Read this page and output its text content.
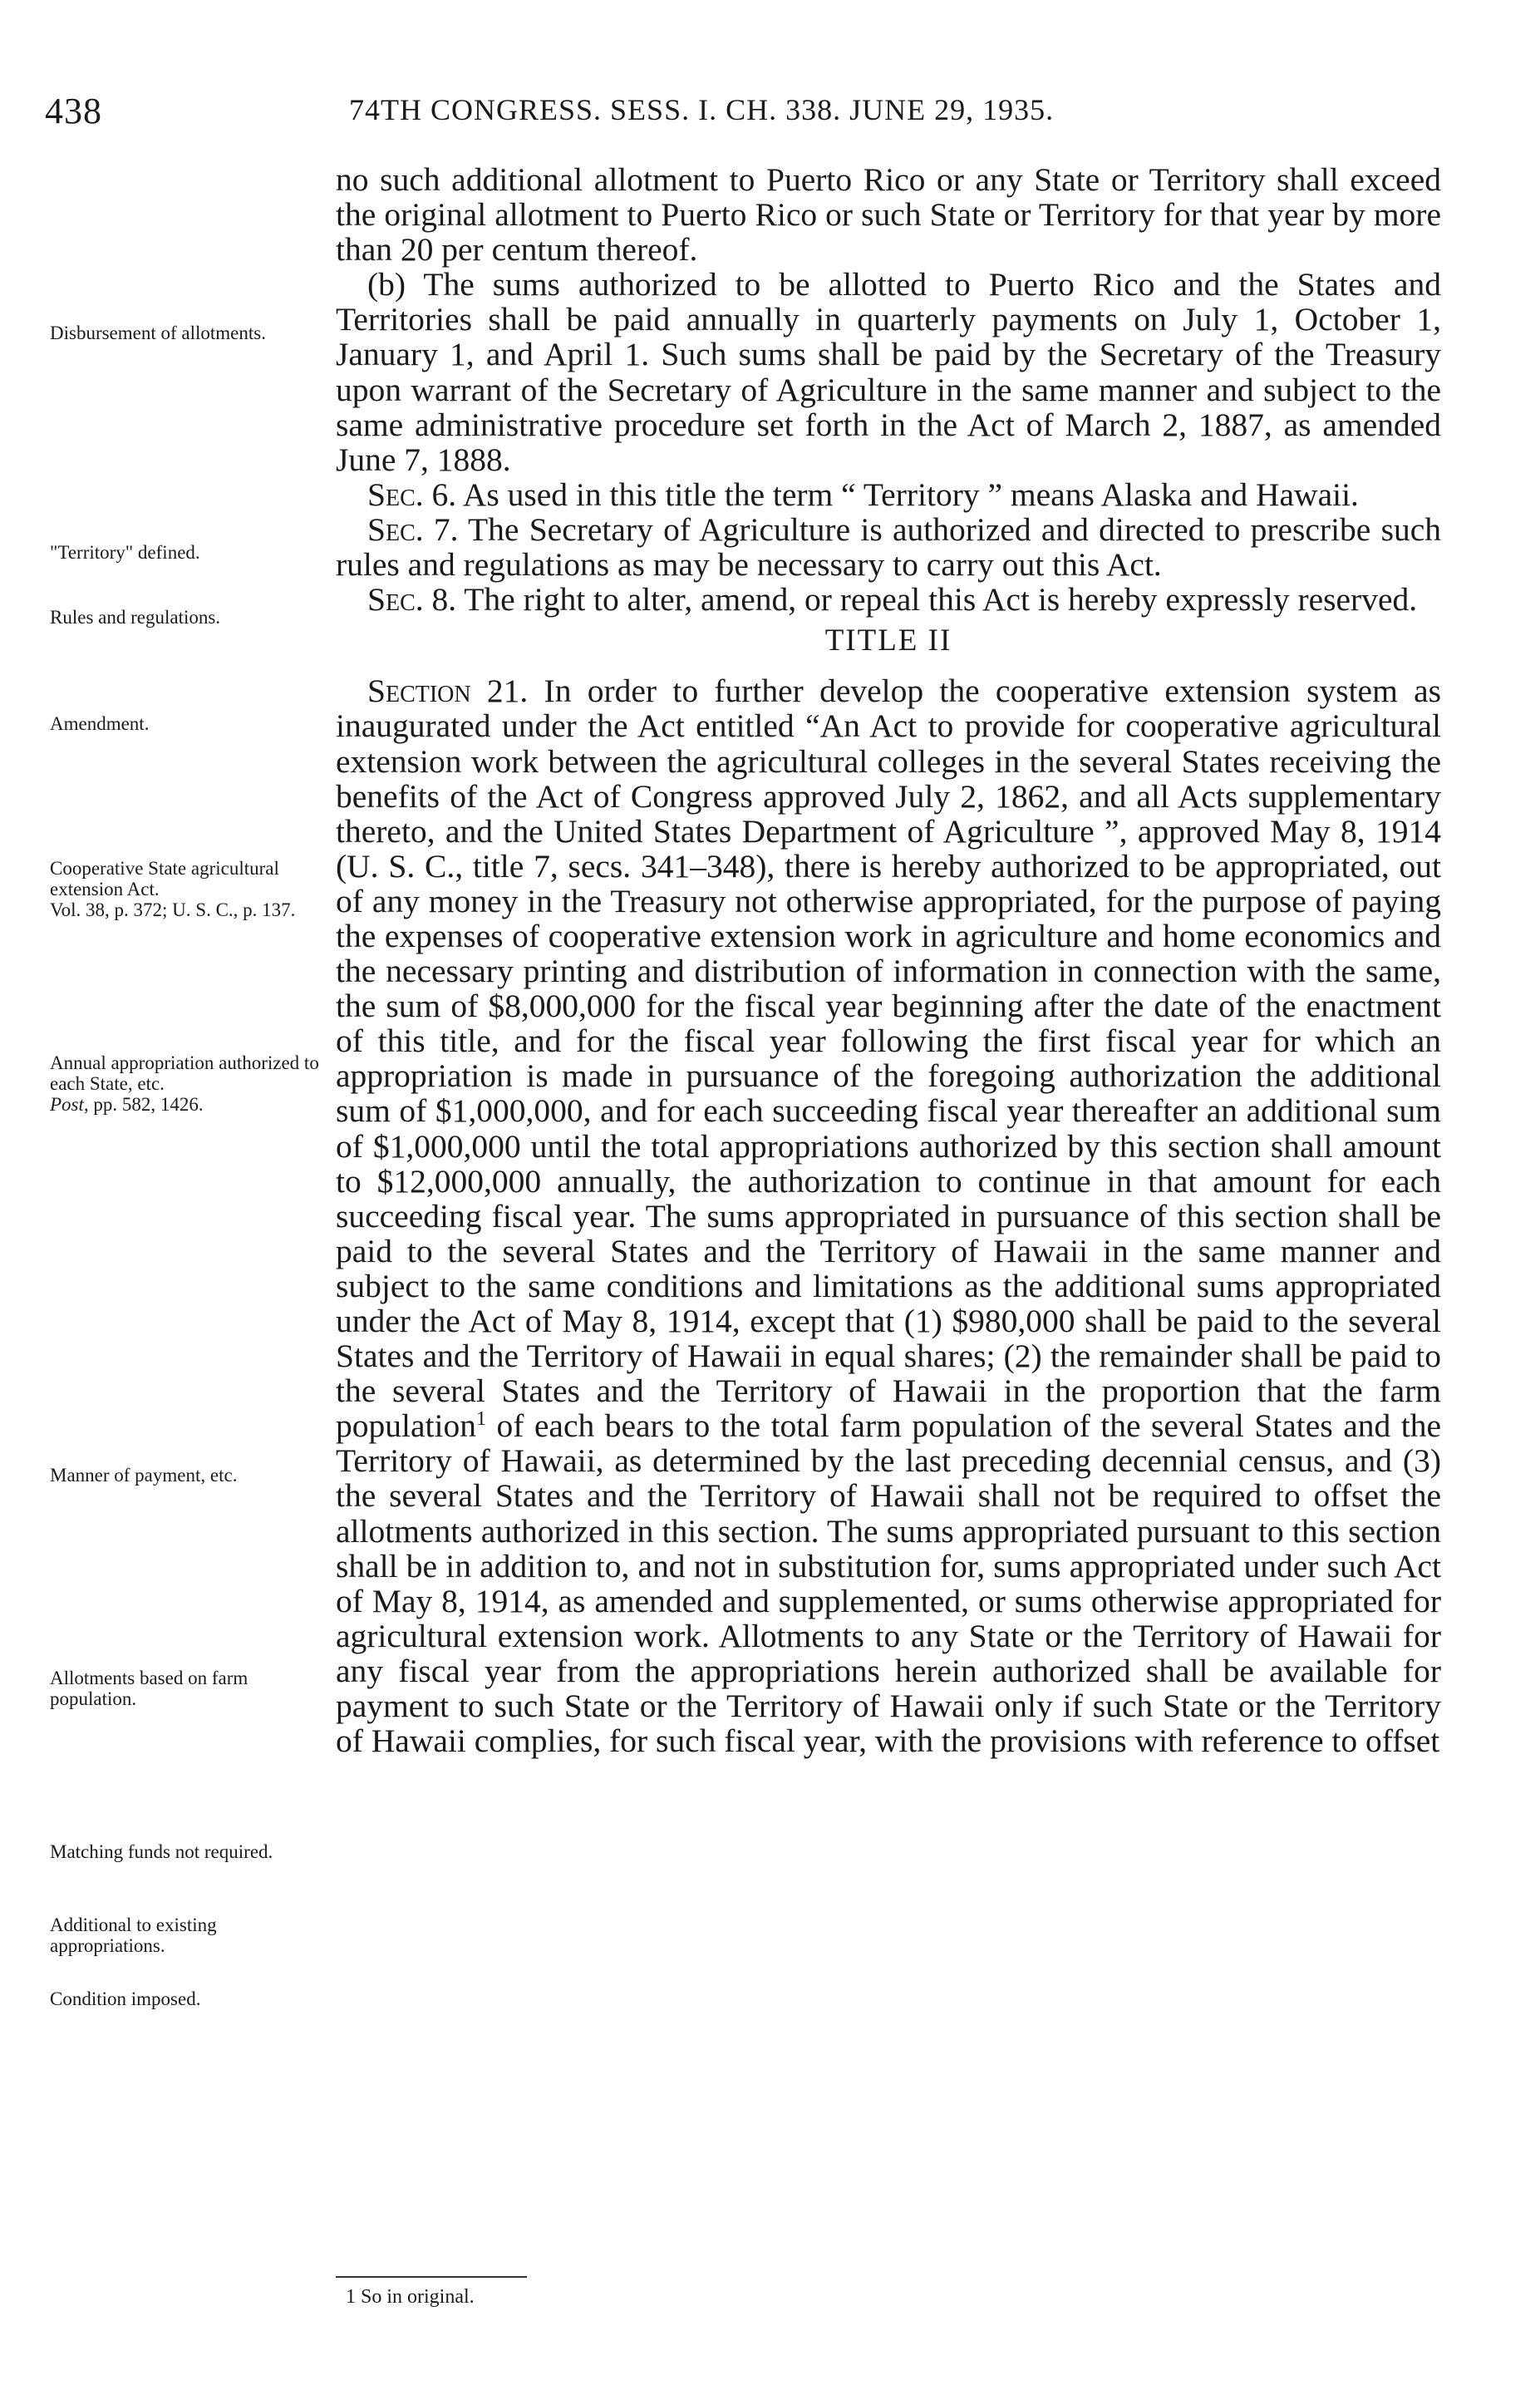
438	74TH CONGRESS. SESS. I. CH. 338. JUNE 29, 1935.
Disbursement of allotments.
"Territory" defined.
Rules and regulations.
Amendment.
Cooperative State agricultural extension Act.
Vol. 38, p. 372; U. S. C., p. 137.
Annual appropriation authorized to each State, etc.
Post, pp. 582, 1426.
Manner of payment, etc.
Allotments based on farm population.
Matching funds not required.
Additional to existing appropriations.
Condition imposed.

no such additional allotment to Puerto Rico or any State or Territory shall exceed the original allotment to Puerto Rico or such State or Territory for that year by more than 20 per centum thereof.

(b) The sums authorized to be allotted to Puerto Rico and the States and Territories shall be paid annually in quarterly payments on July 1, October 1, January 1, and April 1. Such sums shall be paid by the Secretary of the Treasury upon warrant of the Secretary of Agriculture in the same manner and subject to the same administrative procedure set forth in the Act of March 2, 1887, as amended June 7, 1888.

Sec. 6. As used in this title the term “ Territory ” means Alaska and Hawaii.

Sec. 7. The Secretary of Agriculture is authorized and directed to prescribe such rules and regulations as may be necessary to carry out this Act.

Sec. 8. The right to alter, amend, or repeal this Act is hereby expressly reserved.

TITLE II

Section 21. In order to further develop the cooperative extension system as inaugurated under the Act entitled “An Act to provide for cooperative agricultural extension work between the agricultural colleges in the several States receiving the benefits of the Act of Congress approved July 2, 1862, and all Acts supplementary thereto, and the United States Department of Agriculture ”, approved May 8, 1914 (U. S. C., title 7, secs. 341–348), there is hereby authorized to be appropriated, out of any money in the Treasury not otherwise appropriated, for the purpose of paying the expenses of cooperative extension work in agriculture and home economics and the necessary printing and distribution of information in connection with the same, the sum of $8,000,000 for the fiscal year beginning after the date of the enactment of this title, and for the fiscal year following the first fiscal year for which an appropriation is made in pursuance of the foregoing authorization the additional sum of $1,000,000, and for each succeeding fiscal year thereafter an additional sum of $1,000,000 until the total appropriations authorized by this section shall amount to $12,000,000 annually, the authorization to continue in that amount for each succeeding fiscal year. The sums appropriated in pursuance of this section shall be paid to the several States and the Territory of Hawaii in the same manner and subject to the same conditions and limitations as the additional sums appropriated under the Act of May 8, 1914, except that (1) $980,000 shall be paid to the several States and the Territory of Hawaii in equal shares; (2) the remainder shall be paid to the several States and the Territory of Hawaii in the proportion that the farm population$^1$ of each bears to the total farm population of the several States and the Territory of Hawaii, as determined by the last preceding decennial census, and (3) the several States and the Territory of Hawaii shall not be required to offset the allotments authorized in this section. The sums appropriated pursuant to this section shall be in addition to, and not in substitution for, sums appropriated under such Act of May 8, 1914, as amended and supplemented, or sums otherwise appropriated for agricultural extension work. Allotments to any State or the Territory of Hawaii for any fiscal year from the appropriations herein authorized shall be available for payment to such State or the Territory of Hawaii only if such State or the Territory of Hawaii complies, for such fiscal year, with the provisions with reference to offset

1 So in original.
